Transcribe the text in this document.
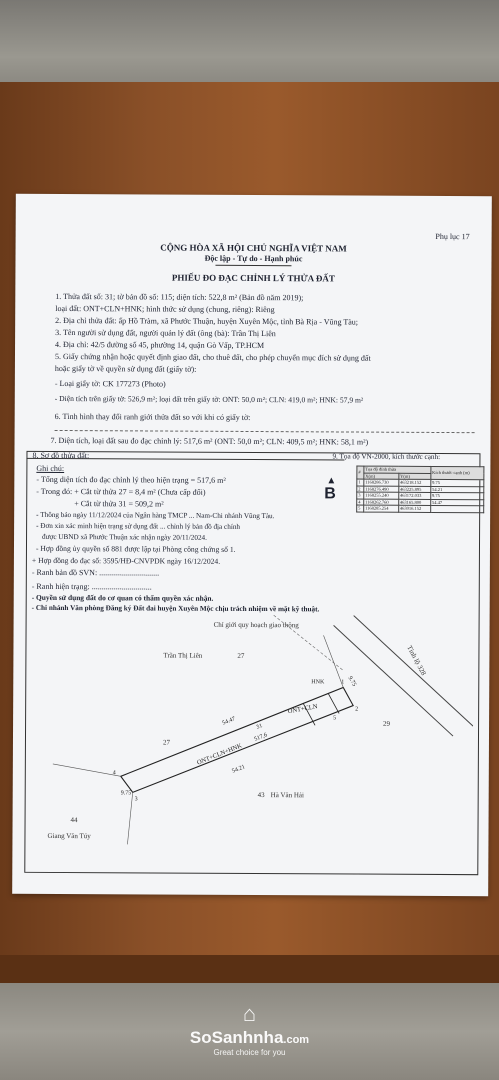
Phụ lục 17
CỘNG HÒA XÃ HỘI CHỦ NGHĨA VIỆT NAM
Độc lập - Tự do - Hạnh phúc
PHIẾU ĐO ĐẠC CHỈNH LÝ THỬA ĐẤT
1. Thửa đất số: 31; tờ bản đồ số: 115; diện tích: 522,8 m² (Bản đồ năm 2019);
loại đất: ONT+CLN+HNK; hình thức sử dụng (chung, riêng): Riêng
2. Địa chỉ thửa đất: ấp Hồ Tràm, xã Phước Thuận, huyện Xuyên Mộc, tỉnh Bà Rịa - Vũng Tàu;
3. Tên người sử dụng đất, người quản lý đất (ông (bà): Trần Thị Liên
4. Địa chỉ: 42/5 đường số 45, phường 14, quận Gò Vấp, TP.HCM
5. Giấy chứng nhận hoặc quyết định giao đất, cho thuê đất, cho phép chuyển mục đích sử dụng đất
hoặc giấy tờ về quyền sử dụng đất (giấy tờ):
- Loại giấy tờ: CK 177273 (Photo)
- Diện tích trên giấy tờ: 526,9 m²; loại đất trên giấy tờ: ONT: 50,0 m²; CLN: 419,0 m²; HNK: 57,9 m²
6. Tình hình thay đổi ranh giới thửa đất so với khi có giấy tờ:
7. Diện tích, loại đất sau đo đạc chỉnh lý: 517,6 m² (ONT: 50,0 m²; CLN: 409,5 m²; HNK: 58,1 m²)
8. Sơ đồ thửa đất:
Ghi chú:
- Tổng diện tích đo đạc chỉnh lý theo hiện trạng = 517,6 m²
- Trong đó: + Cắt từ thửa 27 = 8,4 m² (Chưa cấp đổi)
+ Cắt từ thửa 31 = 509,2 m²
- Thông báo ngày 11/12/2024 của Ngân hàng TMCP ... Nam-Chi nhánh Vũng Tàu.
- Đơn xin xác minh hiện trạng sử dụng đất ... chỉnh lý bản đồ địa chính
được UBND xã Phước Thuận xác nhận ngày 20/11/2024.
- Hợp đồng ủy quyền số 881 được lập tại Phòng công chứng số 1.
+ Hợp đồng đo đạc số: 3595/HĐ-CNVPDK ngày 16/12/2024.
- Ranh bản đồ SVN: ..............................
- Ranh hiện trạng: ..............................
- Quyền sử dụng đất do cơ quan có thẩm quyền xác nhận.
- Chi nhánh Văn phòng Đăng ký Đất đai huyện Xuyên Mộc chịu trách nhiệm về mặt kỹ thuật.
9. Tọa độ VN-2000, kích thước cạnh:
B
▲
#	Tọa độ đỉnh thửa		Kích thước cạnh (m)
	X(m)	Y(m)	
1	1168286.730	463218.152	9.75
2	1168276.490	463225.895	54.21
3	1168255.240	463172.033	9.75
4	1168262.760	463165.800	54.47
5	1168285.254	463016.152	
Chỉ giới quy hoạch giao thông
Trần Thị Liên	27
27
43 Hà Văn Hải
44
Giang Văn Túy
Tỉnh lộ 328
29
ONT+CLN+HNK
31
517,6
ONT+CLN
HNK
54.47
54.21
9.75
9.75
1
2
3
4
5
⌂
SoSanhnha.com
Great choice for you
